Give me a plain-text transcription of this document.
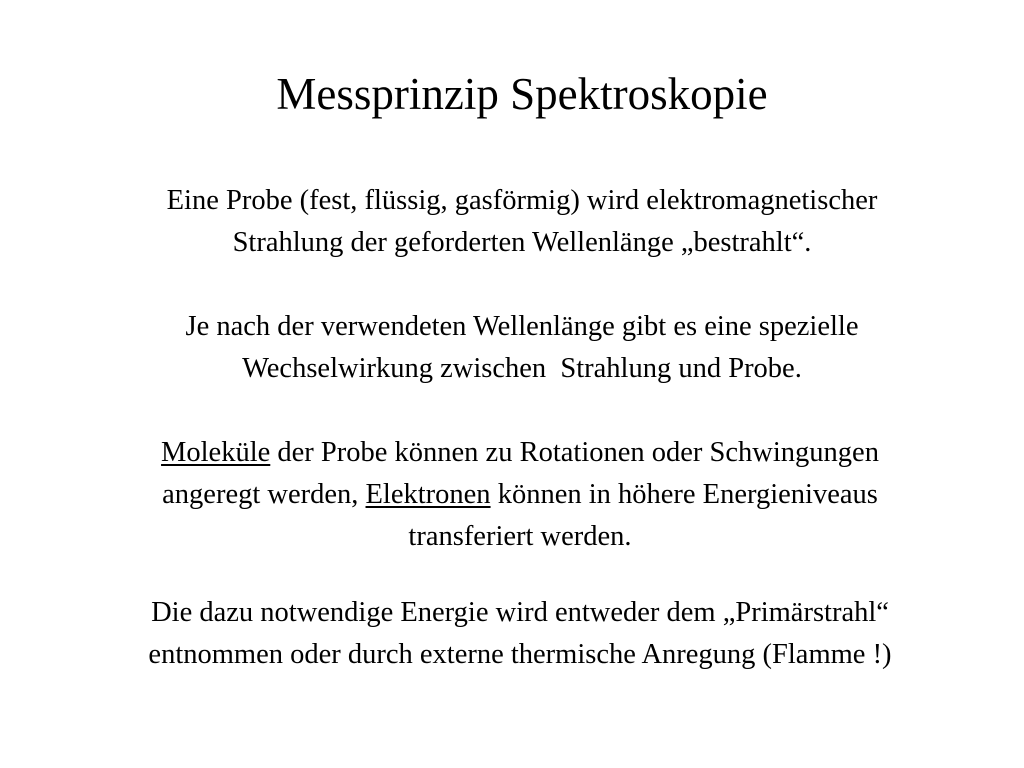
Messprinzip Spektroskopie
Eine Probe (fest, flüssig, gasförmig) wird elektromagnetischer
Strahlung der geforderten Wellenlänge „bestrahlt“.
Je nach der verwendeten Wellenlänge gibt es eine spezielle
Wechselwirkung zwischen  Strahlung und Probe.
Moleküle der Probe können zu Rotationen oder Schwingungen
angeregt werden, Elektronen können in höhere Energieniveaus
transferiert werden.
Die dazu notwendige Energie wird entweder dem „Primärstrahl“
entnommen oder durch externe thermische Anregung (Flamme !)
